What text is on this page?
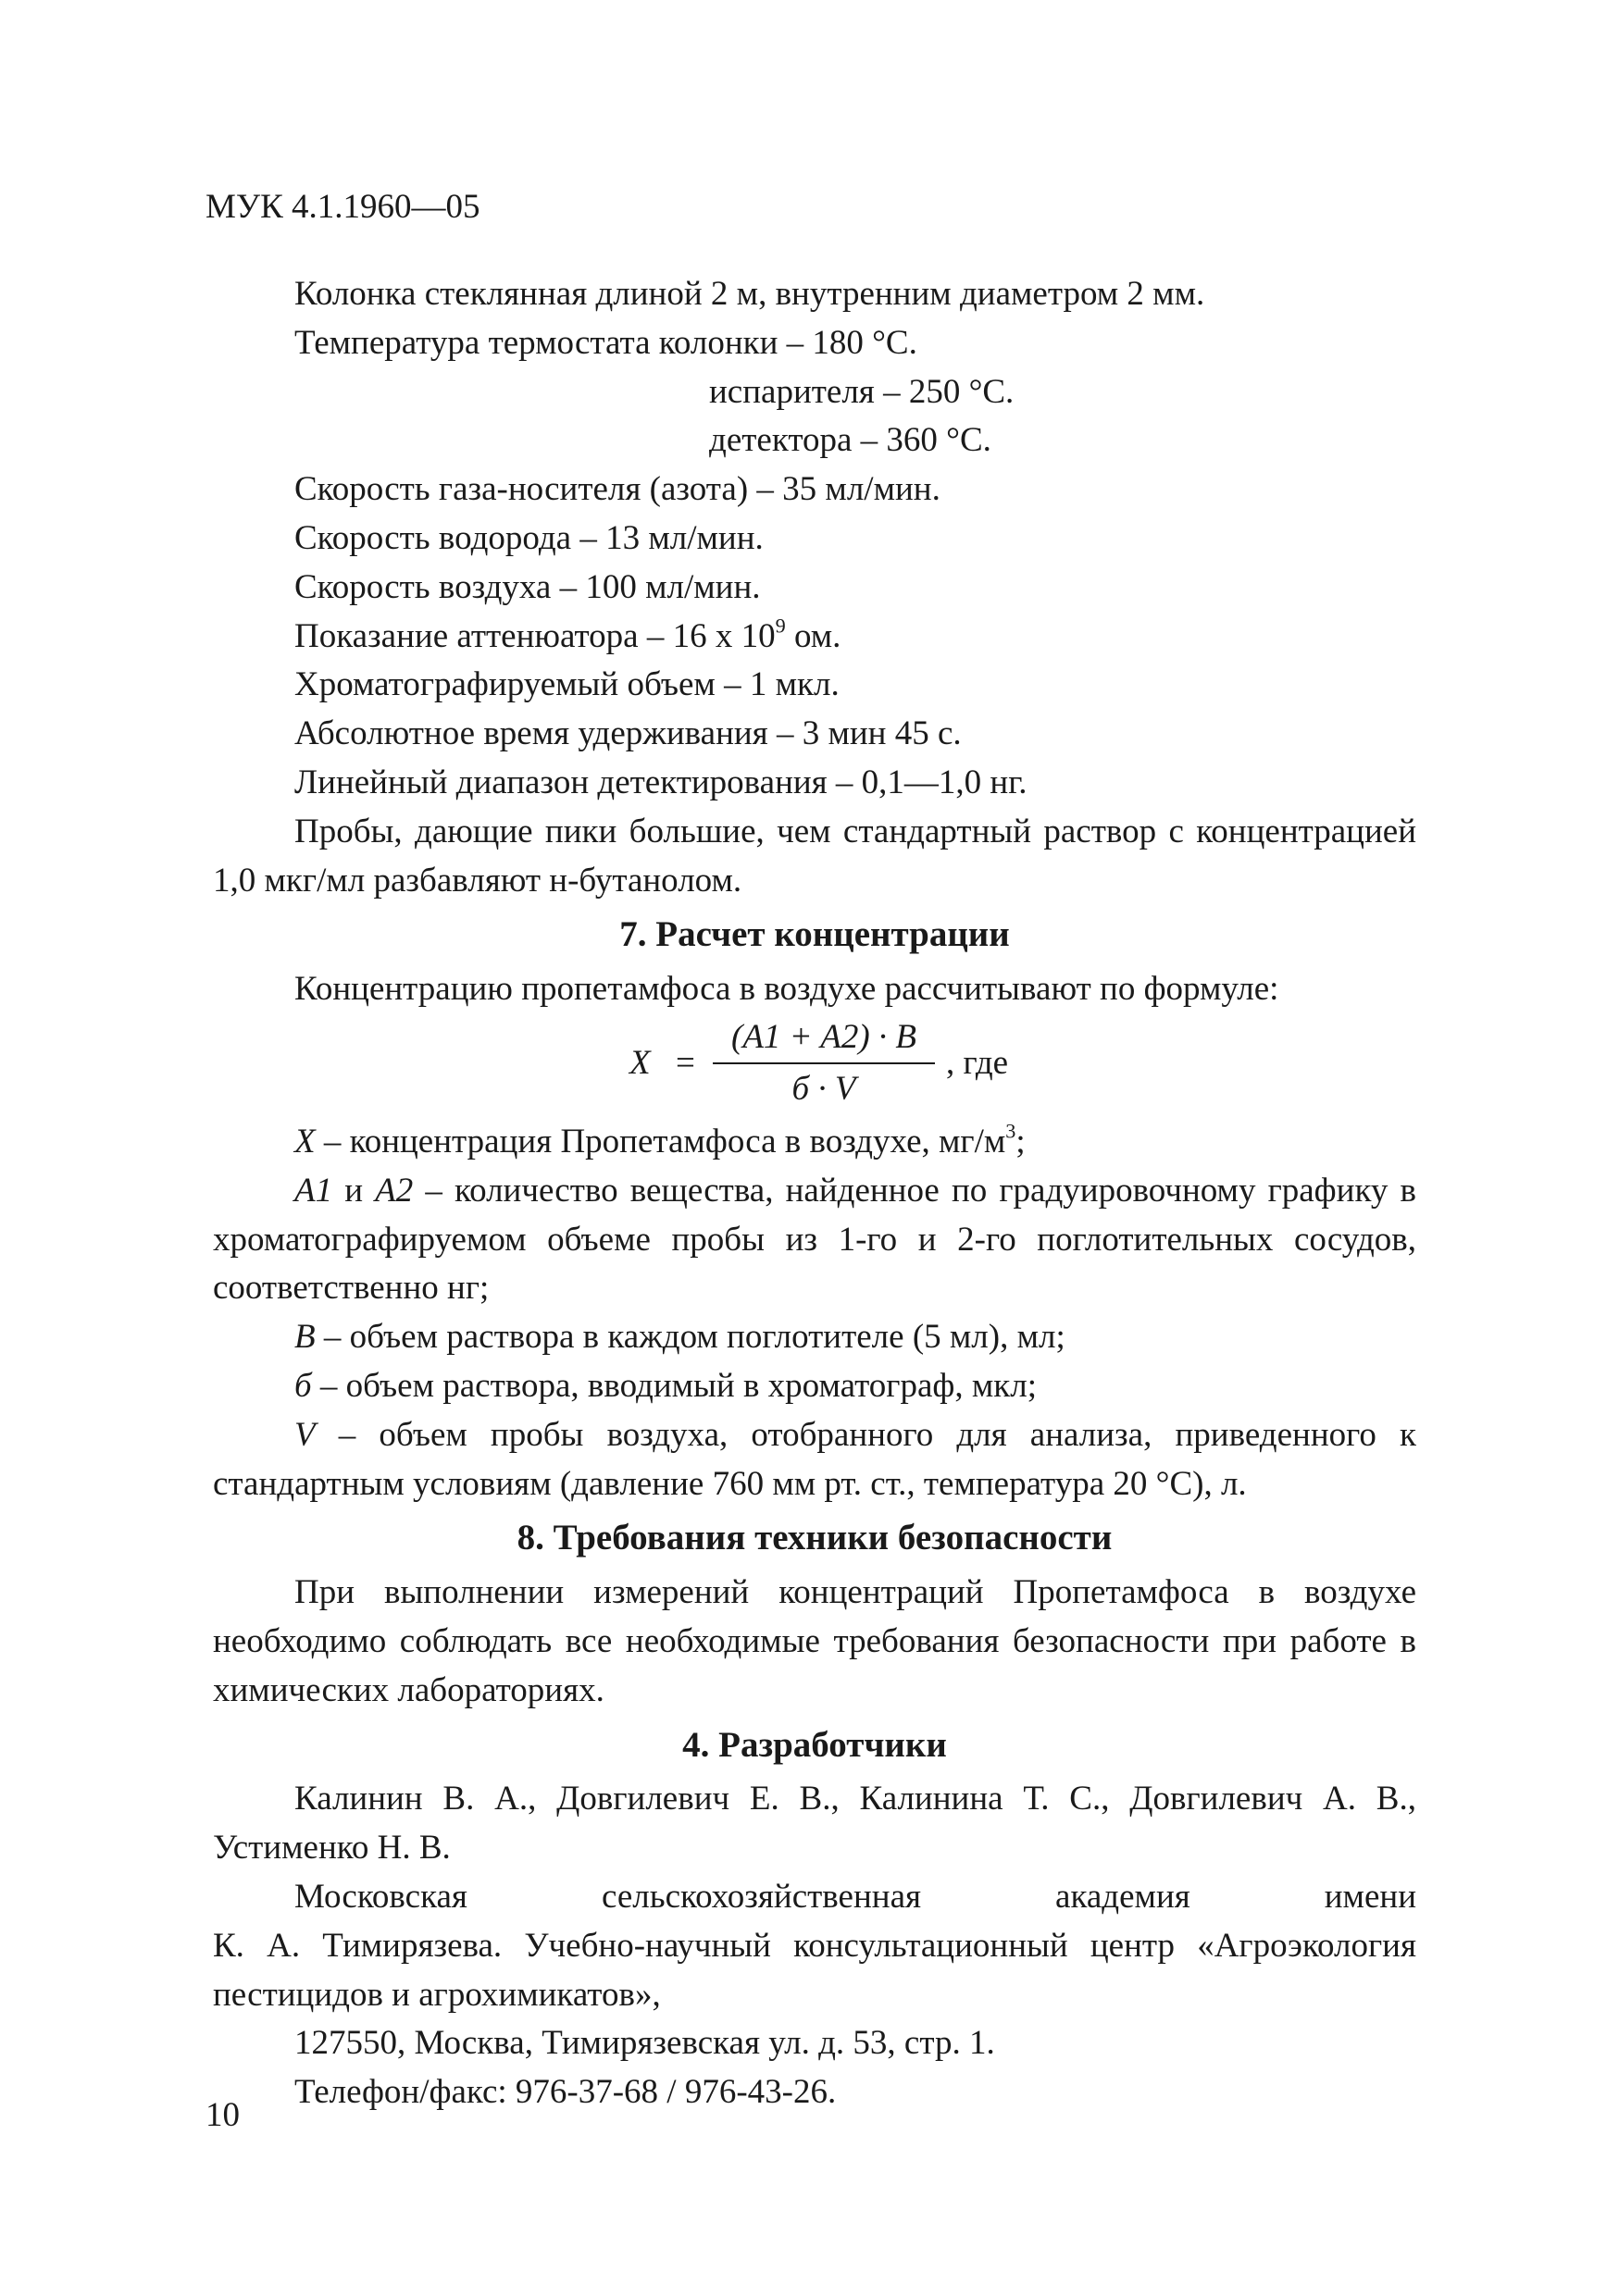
МУК 4.1.1960—05

Колонка стеклянная длиной 2 м, внутренним диаметром 2 мм.

Температура термостата колонки – 180 °С.

испарителя – 250 °С.

детектора – 360 °С.

Скорость газа-носителя (азота) – 35 мл/мин.

Скорость водорода – 13 мл/мин.

Скорость воздуха – 100 мл/мин.

Показание аттенюатора – 16 х $10^9$ ом.

Хроматографируемый объем – 1 мкл.

Абсолютное время удерживания – 3 мин 45 с.

Линейный диапазон детектирования – 0,1—1,0 нг.

Пробы, дающие пики большие, чем стандартный раствор с концентрацией 1,0 мкг/мл разбавляют н-бутанолом.

7. Расчет концентрации

Концентрацию пропетамфоса в воздухе рассчитывают по формуле:

X =
(A1 + A2) · B
б · V
, где

X – концентрация Пропетамфоса в воздухе, $мг/м^3$;

A1 и A2 – количество вещества, найденное по градуировочному графику в хроматографируемом объеме пробы из 1-го и 2-го поглотительных сосудов, соответственно нг;

B – объем раствора в каждом поглотителе (5 мл), мл;

б – объем раствора, вводимый в хроматограф, мкл;

V – объем пробы воздуха, отобранного для анализа, приведенного к стандартным условиям (давление 760 мм рт. ст., температура 20 °С), л.

8. Требования техники безопасности

При выполнении измерений концентраций Пропетамфоса в воздухе необходимо соблюдать все необходимые требования безопасности при работе в химических лабораториях.

4. Разработчики

Калинин В. А., Довгилевич Е. В., Калинина Т. С., Довгилевич А. В., Устименко Н. В.

Московская сельскохозяйственная академия имени

К. А. Тимирязева. Учебно-научный консультационный центр «Агроэкология пестицидов и агрохимикатов»,

127550, Москва, Тимирязевская ул. д. 53, стр. 1.

Телефон/факс: 976-37-68 / 976-43-26.

10
